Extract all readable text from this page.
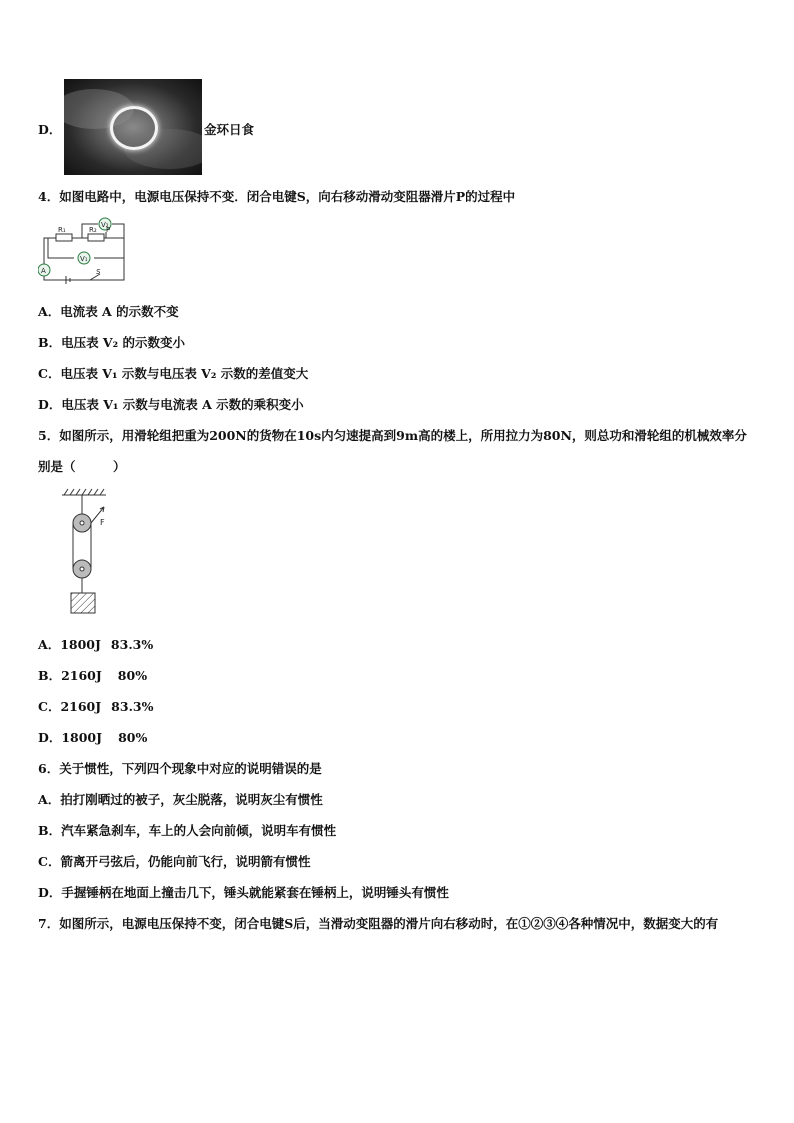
D．	金环日食
4．如图电路中，电源电压保持不变．闭合电键S，向右移动滑动变阻器滑片P的过程中
R₁	R₂ P
V₂
V₁
A	S
A．电流表 A 的示数不变
B．电压表 V₂ 的示数变小
C．电压表 V₁ 示数与电压表 V₂ 示数的差值变大
D．电压表 V₁ 示数与电流表 A 示数的乘积变小
5．如图所示，用滑轮组把重为200N的货物在10s内匀速提高到9m高的楼上，所用拉力为80N，则总功和滑轮组的机械效率分别是（　　　）
F
A．1800J 83.3%
B．2160J 80%
C．2160J 83.3%
D．1800J 80%
6．关于惯性，下列四个现象中对应的说明错误的是
A．拍打刚晒过的被子，灰尘脱落，说明灰尘有惯性
B．汽车紧急刹车，车上的人会向前倾，说明车有惯性
C．箭离开弓弦后，仍能向前飞行，说明箭有惯性
D．手握锤柄在地面上撞击几下，锤头就能紧套在锤柄上，说明锤头有惯性
7．如图所示，电源电压保持不变，闭合电键S后，当滑动变阻器的滑片向右移动时，在①②③④各种情况中，数据变大的有
